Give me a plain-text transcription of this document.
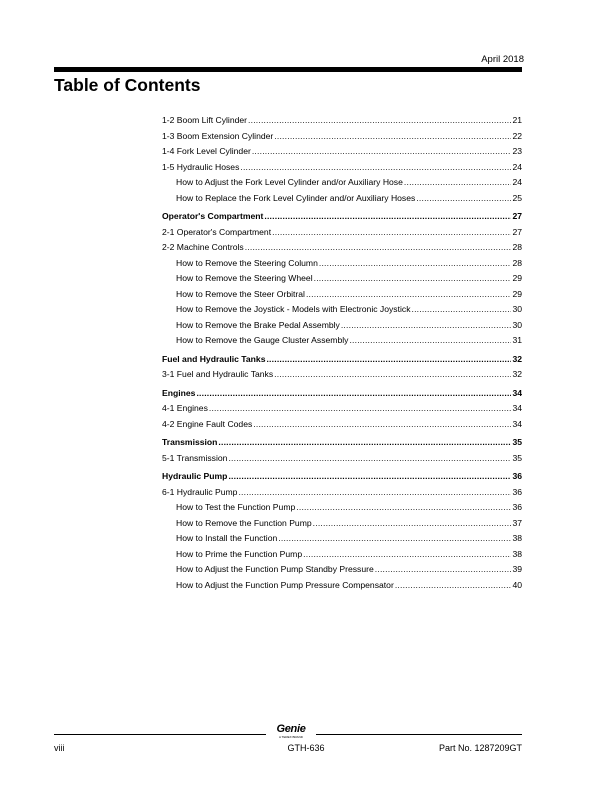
April 2018
Table of Contents
1-2 Boom Lift Cylinder .....	21
1-3 Boom Extension Cylinder .....	22
1-4 Fork Level Cylinder .....	23
1-5 Hydraulic Hoses .....	24
How to Adjust the Fork Level Cylinder and/or Auxiliary Hose .....	24
How to Replace the Fork Level Cylinder and/or Auxiliary Hoses .....	25
Operator's Compartment .....	27
2-1 Operator's Compartment .....	27
2-2 Machine Controls .....	28
How to Remove the Steering Column .....	28
How to Remove the Steering Wheel .....	29
How to Remove the Steer Orbitral .....	29
How to Remove the Joystick - Models with Electronic Joystick .....	30
How to Remove the Brake Pedal Assembly .....	30
How to Remove the Gauge Cluster Assembly .....	31
Fuel and Hydraulic Tanks .....	32
3-1 Fuel and Hydraulic Tanks .....	32
Engines .....	34
4-1 Engines .....	34
4-2 Engine Fault Codes .....	34
Transmission .....	35
5-1 Transmission .....	35
Hydraulic Pump .....	36
6-1 Hydraulic Pump .....	36
How to Test the Function Pump .....	36
How to Remove the Function Pump .....	37
How to Install the Function .....	38
How to Prime the Function Pump .....	38
How to Adjust the Function Pump Standby Pressure .....	39
How to Adjust the Function Pump Pressure Compensator .....	40
Genie
A TEREX BRAND
viii	GTH-636	Part No. 1287209GT
